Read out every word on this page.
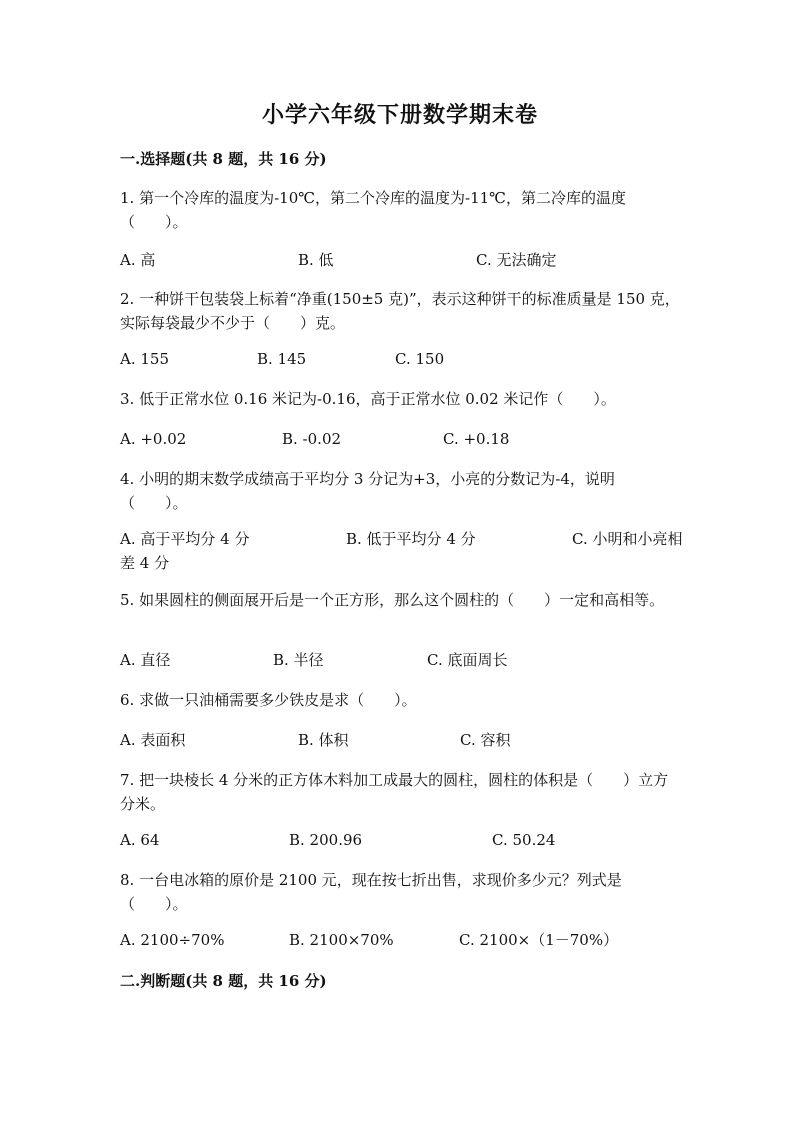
小学六年级下册数学期末卷
一.选择题(共 8 题，共 16 分)
1. 第一个冷库的温度为-10℃，第二个冷库的温度为-11℃，第二冷库的温度（　　）。
A. 高	B. 低	C. 无法确定
2. 一种饼干包装袋上标着“净重(150±5 克)”，表示这种饼干的标准质量是 150 克，实际每袋最少不少于（　　）克。
A. 155	B. 145	C. 150
3. 低于正常水位 0.16 米记为-0.16，高于正常水位 0.02 米记作（　　）。
A. +0.02	B. -0.02	C. +0.18
4. 小明的期末数学成绩高于平均分 3 分记为+3，小亮的分数记为-4，说明（　　）。
A. 高于平均分 4 分	B. 低于平均分 4 分	C. 小明和小亮相差 4 分
5. 如果圆柱的侧面展开后是一个正方形，那么这个圆柱的（　　）一定和高相等。
A. 直径	B. 半径	C. 底面周长
6. 求做一只油桶需要多少铁皮是求（　　）。
A. 表面积	B. 体积	C. 容积
7. 把一块棱长 4 分米的正方体木料加工成最大的圆柱，圆柱的体积是（　　）立方分米。
A. 64	B. 200.96	C. 50.24
8. 一台电冰箱的原价是 2100 元，现在按七折出售，求现价多少元？列式是（　　）。
A. 2100÷70%	B. 2100×70%	C. 2100×（1－70%）
二.判断题(共 8 题，共 16 分)
